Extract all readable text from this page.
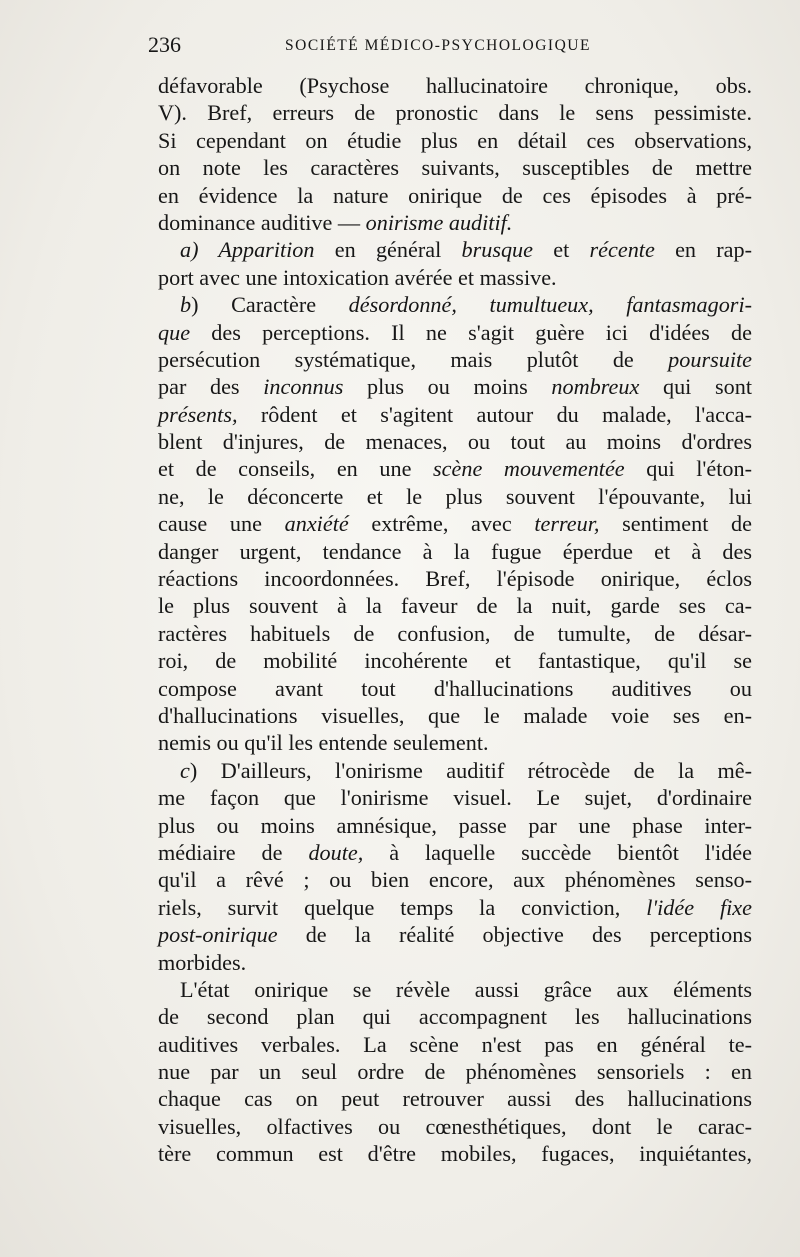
236	SOCIÉTÉ MÉDICO-PSYCHOLOGIQUE
défavorable (Psychose hallucinatoire chronique, obs.
V). Bref, erreurs de pronostic dans le sens pessimiste.
Si cependant on étudie plus en détail ces observations,
on note les caractères suivants, susceptibles de mettre
en évidence la nature onirique de ces épisodes à pré-
dominance auditive — onirisme auditif.
a) Apparition en général brusque et récente en rap-
port avec une intoxication avérée et massive.
b) Caractère désordonné, tumultueux, fantasmagori-
que des perceptions. Il ne s'agit guère ici d'idées de
persécution systématique, mais plutôt de poursuite
par des inconnus plus ou moins nombreux qui sont
présents, rôdent et s'agitent autour du malade, l'acca-
blent d'injures, de menaces, ou tout au moins d'ordres
et de conseils, en une scène mouvementée qui l'éton-
ne, le déconcerte et le plus souvent l'épouvante, lui
cause une anxiété extrême, avec terreur, sentiment de
danger urgent, tendance à la fugue éperdue et à des
réactions incoordonnées. Bref, l'épisode onirique, éclos
le plus souvent à la faveur de la nuit, garde ses ca-
ractères habituels de confusion, de tumulte, de désar-
roi, de mobilité incohérente et fantastique, qu'il se
compose avant tout d'hallucinations auditives ou
d'hallucinations visuelles, que le malade voie ses en-
nemis ou qu'il les entende seulement.
c) D'ailleurs, l'onirisme auditif rétrocède de la mê-
me façon que l'onirisme visuel. Le sujet, d'ordinaire
plus ou moins amnésique, passe par une phase inter-
médiaire de doute, à laquelle succède bientôt l'idée
qu'il a rêvé ; ou bien encore, aux phénomènes senso-
riels, survit quelque temps la conviction, l'idée fixe
post-onirique de la réalité objective des perceptions
morbides.
L'état onirique se révèle aussi grâce aux éléments
de second plan qui accompagnent les hallucinations
auditives verbales. La scène n'est pas en général te-
nue par un seul ordre de phénomènes sensoriels : en
chaque cas on peut retrouver aussi des hallucinations
visuelles, olfactives ou cœnesthétiques, dont le carac-
tère commun est d'être mobiles, fugaces, inquiétantes,
